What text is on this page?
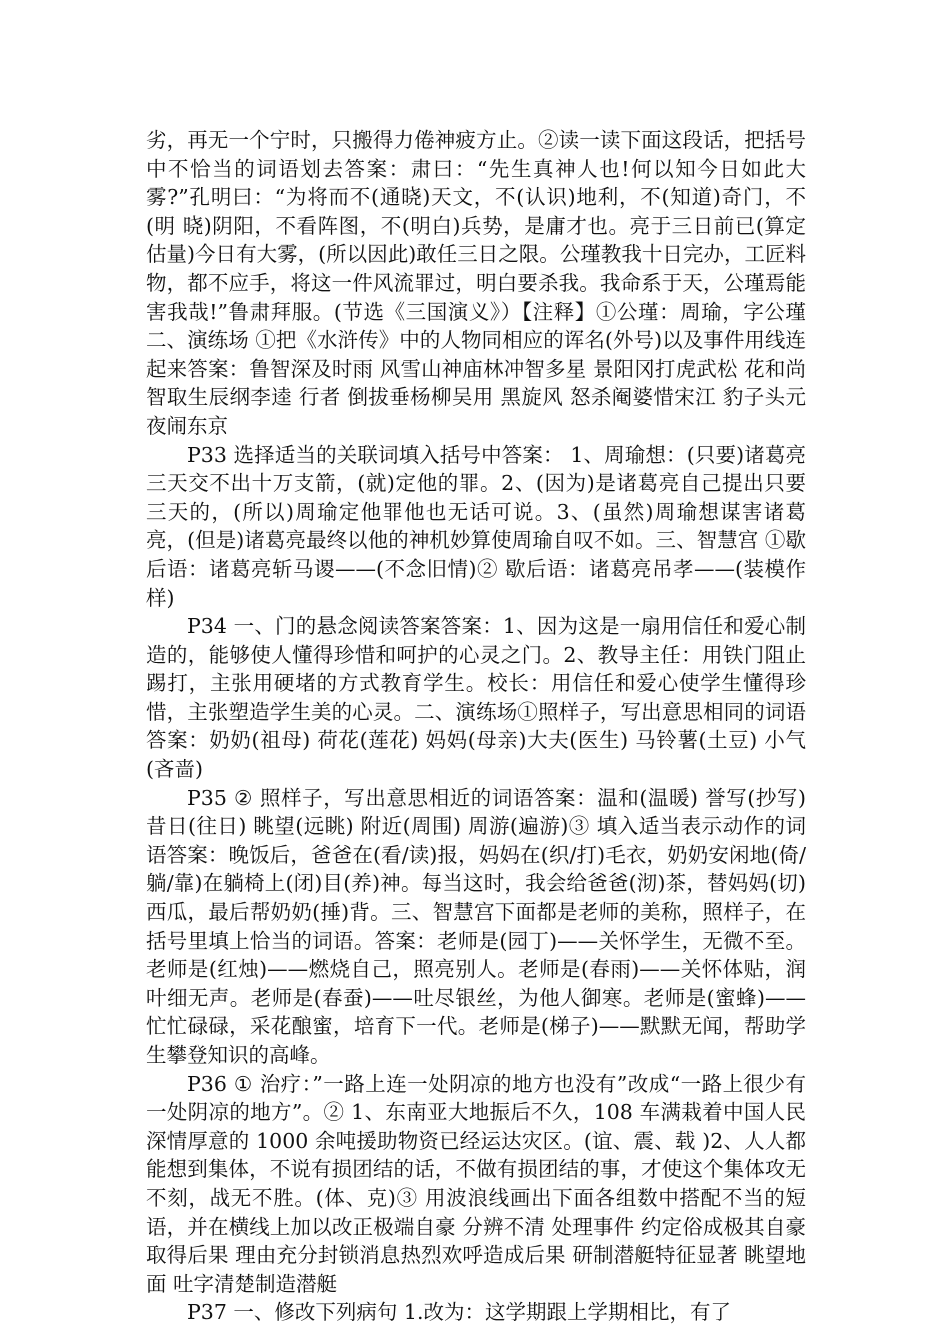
劣，再无一个宁时，只搬得力倦神疲方止。②读一读下面这段话，把括号中不恰当的词语划去答案：肃曰：“先生真神人也!何以知今日如此大雾?”孔明曰：“为将而不(通晓)天文，不(认识)地利，不(知道)奇门，不(明 晓)阴阳，不看阵图，不(明白)兵势，是庸才也。亮于三日前已(算定估量)今日有大雾，(所以因此)敢任三日之限。公瑾教我十日完办，工匠料物，都不应手，将这一件风流罪过，明白要杀我。我命系于天，公瑾焉能害我哉!”鲁肃拜服。(节选《三国演义》）【注释】①公瑾：周瑜，字公瑾二、演练场 ①把《水浒传》中的人物同相应的诨名(外号)以及事件用线连起来答案：鲁智深及时雨 风雪山神庙林冲智多星 景阳冈打虎武松 花和尚智取生辰纲李逵 行者 倒拔垂杨柳吴用 黑旋风 怒杀阉婆惜宋江 豹子头元夜闹东京

P33 选择适当的关联词填入括号中答案： 1、周瑜想：(只要)诸葛亮三天交不出十万支箭，(就)定他的罪。2、(因为)是诸葛亮自己提出只要三天的，(所以)周瑜定他罪他也无话可说。3、(虽然)周瑜想谋害诸葛亮，(但是)诸葛亮最终以他的神机妙算使周瑜自叹不如。三、智慧宫 ①歇后语：诸葛亮斩马谡——(不念旧情)② 歇后语：诸葛亮吊孝——(装模作样)

P34 一、门的悬念阅读答案答案：1、因为这是一扇用信任和爱心制造的，能够使人懂得珍惜和呵护的心灵之门。2、教导主任：用铁门阻止踢打，主张用硬堵的方式教育学生。校长：用信任和爱心使学生懂得珍惜，主张塑造学生美的心灵。二、演练场①照样子，写出意思相同的词语答案：奶奶(祖母) 荷花(莲花) 妈妈(母亲)大夫(医生) 马铃薯(土豆) 小气(吝啬)

P35 ② 照样子，写出意思相近的词语答案：温和(温暖) 誉写(抄写) 昔日(往日) 眺望(远眺) 附近(周围) 周游(遍游)③ 填入适当表示动作的词语答案：晚饭后，爸爸在(看/读)报，妈妈在(织/打)毛衣，奶奶安闲地(倚/躺/靠)在躺椅上(闭)目(养)神。每当这时，我会给爸爸(沏)茶，替妈妈(切)西瓜，最后帮奶奶(捶)背。三、智慧宫下面都是老师的美称，照样子，在括号里填上恰当的词语。答案：老师是(园丁)——关怀学生，无微不至。老师是(红烛)——燃烧自己，照亮别人。老师是(春雨)——关怀体贴，润叶细无声。老师是(春蚕)——吐尽银丝，为他人御寒。老师是(蜜蜂)——忙忙碌碌，采花酿蜜，培育下一代。老师是(梯子)——默默无闻，帮助学生攀登知识的高峰。

P36 ① 治疗：”一路上连一处阴凉的地方也没有”改成“一路上很少有一处阴凉的地方”。② 1、东南亚大地振后不久，108 车满栽着中国人民深情厚意的 1000 余吨援助物资已经运达灾区。(谊、震、载 )2、人人都能想到集体，不说有损团结的话，不做有损团结的事，才使这个集体攻无不刻，战无不胜。(体、克)③ 用波浪线画出下面各组数中搭配不当的短语，并在横线上加以改正极端自豪 分辨不清 处理事件 约定俗成极其自豪取得后果 理由充分封锁消息热烈欢呼造成后果 研制潜艇特征显著 眺望地面 吐字清楚制造潜艇

P37 一、修改下列病句 1.改为：这学期跟上学期相比，有了
